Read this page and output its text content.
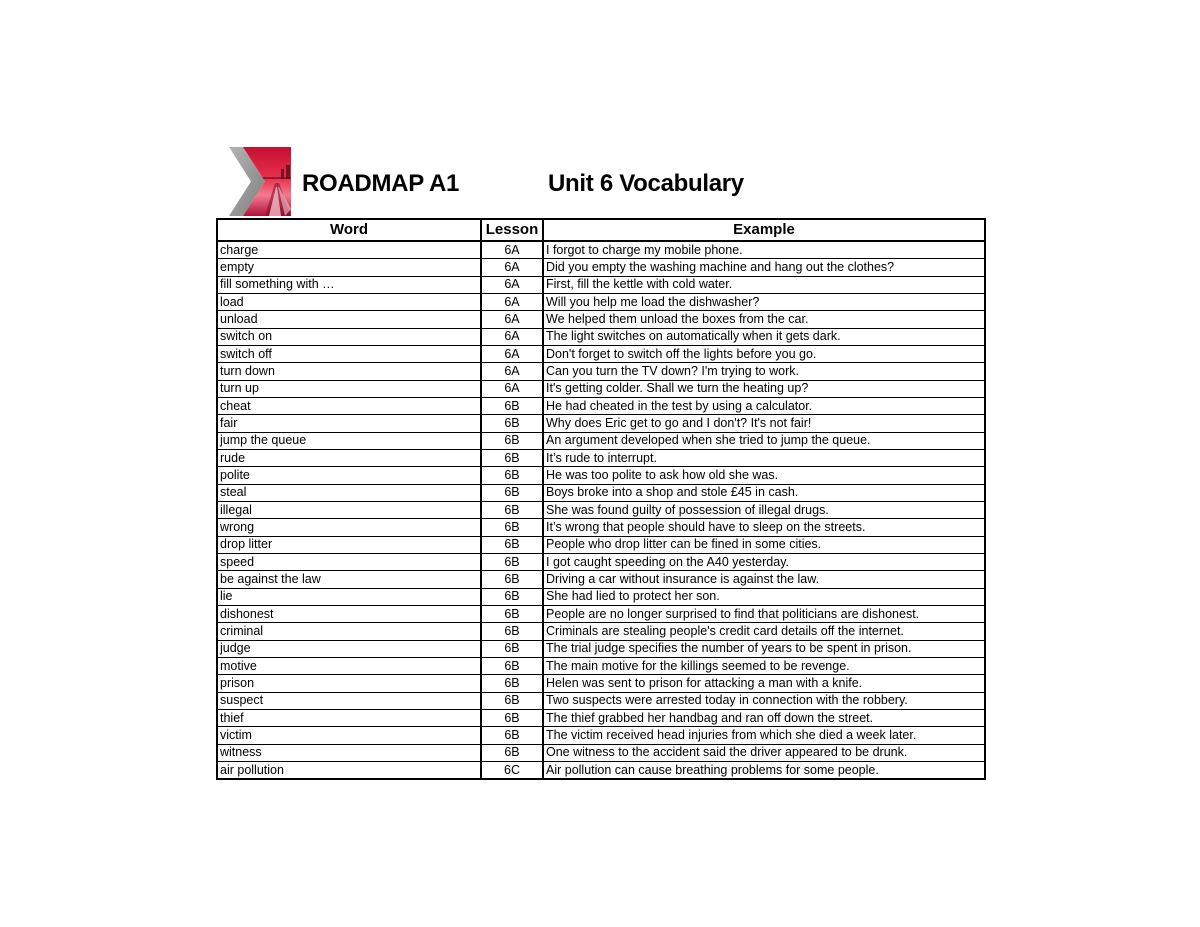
ROADMAP A1	Unit 6 Vocabulary
Word	Lesson	Example
charge	6A	I forgot to charge my mobile phone.
empty	6A	Did you empty the washing machine and hang out the clothes?
fill something with …	6A	First, fill the kettle with cold water.
load	6A	Will you help me load the dishwasher?
unload	6A	We helped them unload the boxes from the car.
switch on	6A	The light switches on automatically when it gets dark.
switch off	6A	Don't forget to switch off the lights before you go.
turn down	6A	Can you turn the TV down? I'm trying to work.
turn up	6A	It's getting colder. Shall we turn the heating up?
cheat	6B	He had cheated in the test by using a calculator.
fair	6B	Why does Eric get to go and I don't? It's not fair!
jump the queue	6B	An argument developed when she tried to jump the queue.
rude	6B	It’s rude to interrupt.
polite	6B	He was too polite to ask how old she was.
steal	6B	Boys broke into a shop and stole £45 in cash.
illegal	6B	She was found guilty of possession of illegal drugs.
wrong	6B	It’s wrong that people should have to sleep on the streets.
drop litter	6B	People who drop litter can be fined in some cities.
speed	6B	I got caught speeding on the A40 yesterday.
be against the law	6B	Driving a car without insurance is against the law.
lie	6B	She had lied to protect her son.
dishonest	6B	People are no longer surprised to find that politicians are dishonest.
criminal	6B	Criminals are stealing people's credit card details off the internet.
judge	6B	The trial judge specifies the number of years to be spent in prison.
motive	6B	The main motive for the killings seemed to be revenge.
prison	6B	Helen was sent to prison for attacking a man with a knife.
suspect	6B	Two suspects were arrested today in connection with the robbery.
thief	6B	The thief grabbed her handbag and ran off down the street.
victim	6B	The victim received head injuries from which she died a week later.
witness	6B	One witness to the accident said the driver appeared to be drunk.
air pollution	6C	Air pollution can cause breathing problems for some people.
